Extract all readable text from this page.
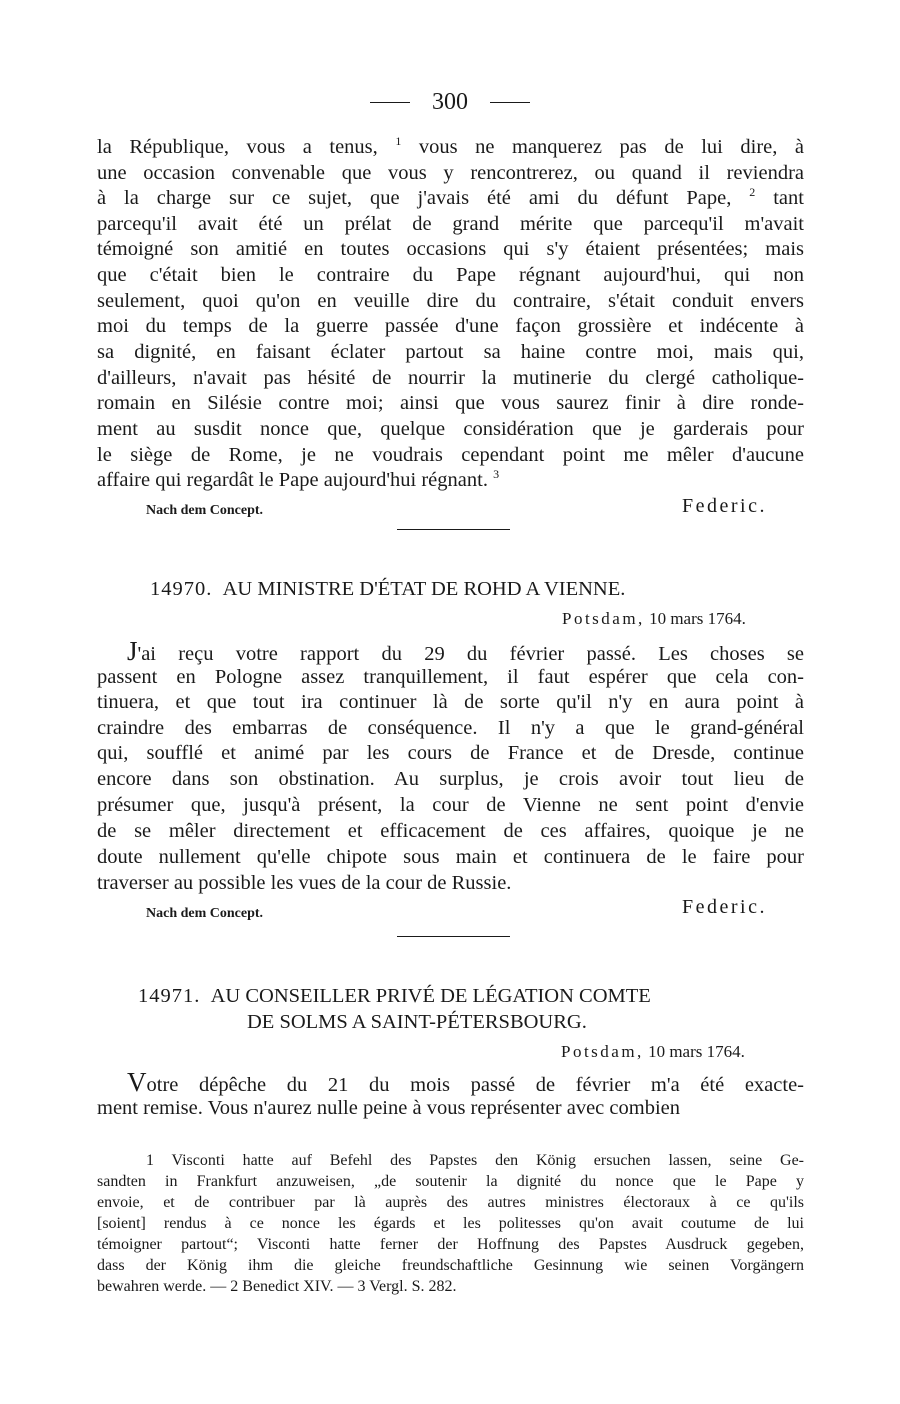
300
la République, vous a tenus, $^1$ vous ne manquerez pas de lui dire, à
une occasion convenable que vous y rencontrerez, ou quand il reviendra
à la charge sur ce sujet, que j'avais été ami du défunt Pape, $^2$ tant
parcequ'il avait été un prélat de grand mérite que parcequ'il m'avait
témoigné son amitié en toutes occasions qui s'y étaient présentées; mais
que c'était bien le contraire du Pape régnant aujourd'hui, qui non
seulement, quoi qu'on en veuille dire du contraire, s'était conduit envers
moi du temps de la guerre passée d'une façon grossière et indécente à
sa dignité, en faisant éclater partout sa haine contre moi, mais qui,
d'ailleurs, n'avait pas hésité de nourrir la mutinerie du clergé catholique-
romain en Silésie contre moi; ainsi que vous saurez finir à dire ronde-
ment au susdit nonce que, quelque considération que je garderais pour
le siège de Rome, je ne voudrais cependant point me mêler d'aucune
affaire qui regardât le Pape aujourd'hui régnant. $^3$
Nach dem Concept.	Federic.
14970. AU MINISTRE D'ÉTAT DE ROHD A VIENNE.
Potsdam, 10 mars 1764.
J'ai reçu votre rapport du 29 du février passé. Les choses se
passent en Pologne assez tranquillement, il faut espérer que cela con-
tinuera, et que tout ira continuer là de sorte qu'il n'y en aura point à
craindre des embarras de conséquence. Il n'y a que le grand-général
qui, soufflé et animé par les cours de France et de Dresde, continue
encore dans son obstination. Au surplus, je crois avoir tout lieu de
présumer que, jusqu'à présent, la cour de Vienne ne sent point d'envie
de se mêler directement et efficacement de ces affaires, quoique je ne
doute nullement qu'elle chipote sous main et continuera de le faire pour
traverser au possible les vues de la cour de Russie.
Nach dem Concept.	Federic.
14971. AU CONSEILLER PRIVÉ DE LÉGATION COMTE
DE SOLMS A SAINT-PÉTERSBOURG.
Potsdam, 10 mars 1764.
Votre dépêche du 21 du mois passé de février m'a été exacte-
ment remise. Vous n'aurez nulle peine à vous représenter avec combien
1 Visconti hatte auf Befehl des Papstes den König ersuchen lassen, seine Ge-
sandten in Frankfurt anzuweisen, „de soutenir la dignité du nonce que le Pape y
envoie, et de contribuer par là auprès des autres ministres électoraux à ce qu'ils
[soient] rendus à ce nonce les égards et les politesses qu'on avait coutume de lui
témoigner partout“; Visconti hatte ferner der Hoffnung des Papstes Ausdruck gegeben,
dass der König ihm die gleiche freundschaftliche Gesinnung wie seinen Vorgängern
bewahren werde. — 2 Benedict XIV. — 3 Vergl. S. 282.
